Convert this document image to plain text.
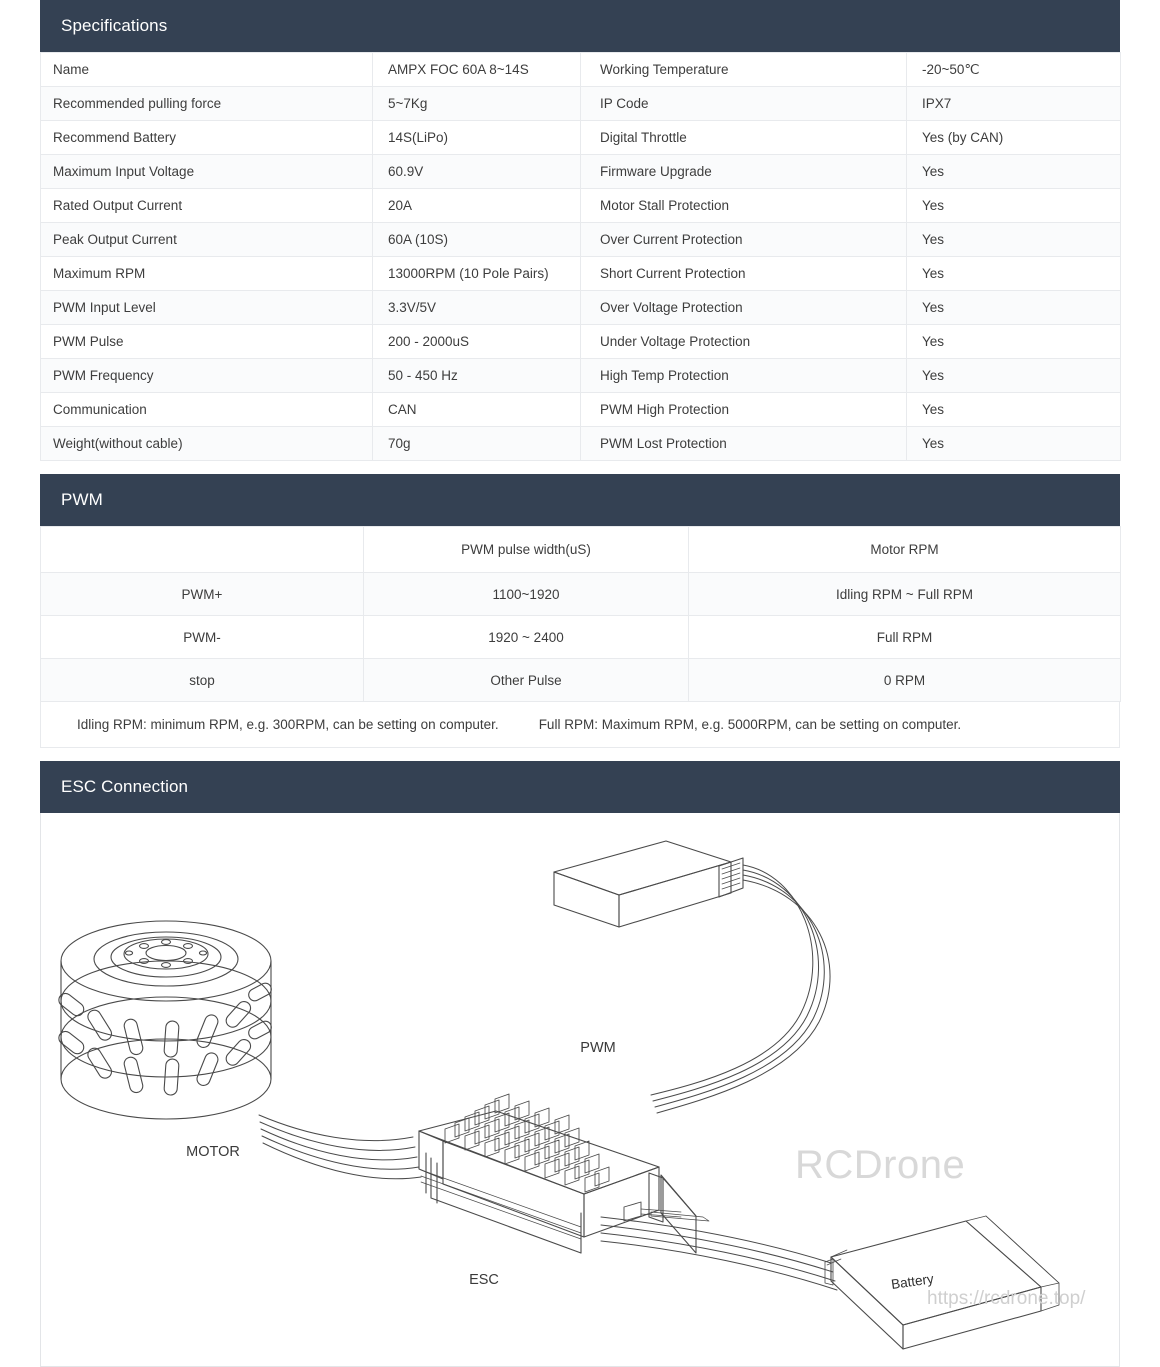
Specifications
Name	AMPX FOC 60A 8~14S	Working Temperature	-20~50℃
Recommended pulling force	5~7Kg	IP Code	IPX7
Recommend Battery	14S(LiPo)	Digital Throttle	Yes (by CAN)
Maximum Input Voltage	60.9V	Firmware Upgrade	Yes
Rated Output Current	20A	Motor Stall Protection	Yes
Peak Output Current	60A (10S)	Over Current Protection	Yes
Maximum RPM	13000RPM (10 Pole Pairs)	Short Current Protection	Yes
PWM Input Level	3.3V/5V	Over Voltage Protection	Yes
PWM Pulse	200 - 2000uS	Under Voltage Protection	Yes
PWM Frequency	50 - 450 Hz	High Temp Protection	Yes
Communication	CAN	PWM High Protection	Yes
Weight(without cable)	70g	PWM Lost Protection	Yes
PWM
	PWM pulse width(uS)	Motor RPM
PWM+	1100~1920	Idling RPM ~ Full RPM
PWM-	1920 ~ 2400	Full RPM
stop	Other Pulse	0 RPM
Idling RPM: minimum RPM, e.g. 300RPM, can be setting on computer.	Full RPM: Maximum RPM, e.g. 5000RPM, can be setting on computer.
ESC Connection
MOTOR
PWM
ESC	Battery
RCDrone
https://rcdrone.top/
